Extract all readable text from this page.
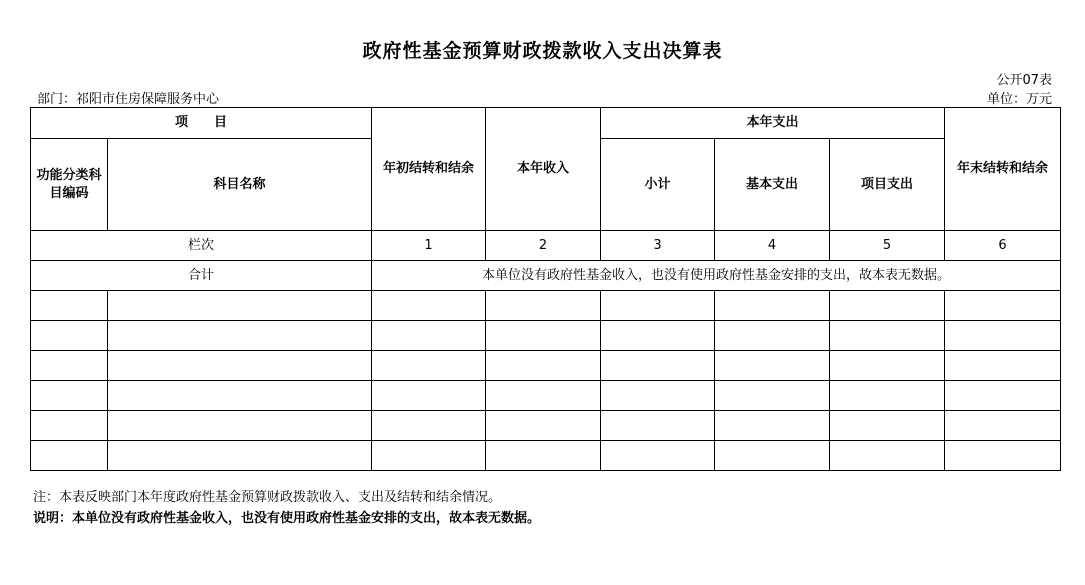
政府性基金预算财政拨款收入支出决算表
公开07表
部门：祁阳市住房保障服务中心	单位：万元
项　　目		年初结转和结余	本年收入	本年支出			年末结转和结余
功能分类科目编码	科目名称			小计	基本支出	项目支出	
栏次		1	2	3	4	5	6
合计		本单位没有政府性基金收入，也没有使用政府性基金安排的支出，故本表无数据。					

注：本表反映部门本年度政府性基金预算财政拨款收入、支出及结转和结余情况。
说明：本单位没有政府性基金收入，也没有使用政府性基金安排的支出，故本表无数据。
